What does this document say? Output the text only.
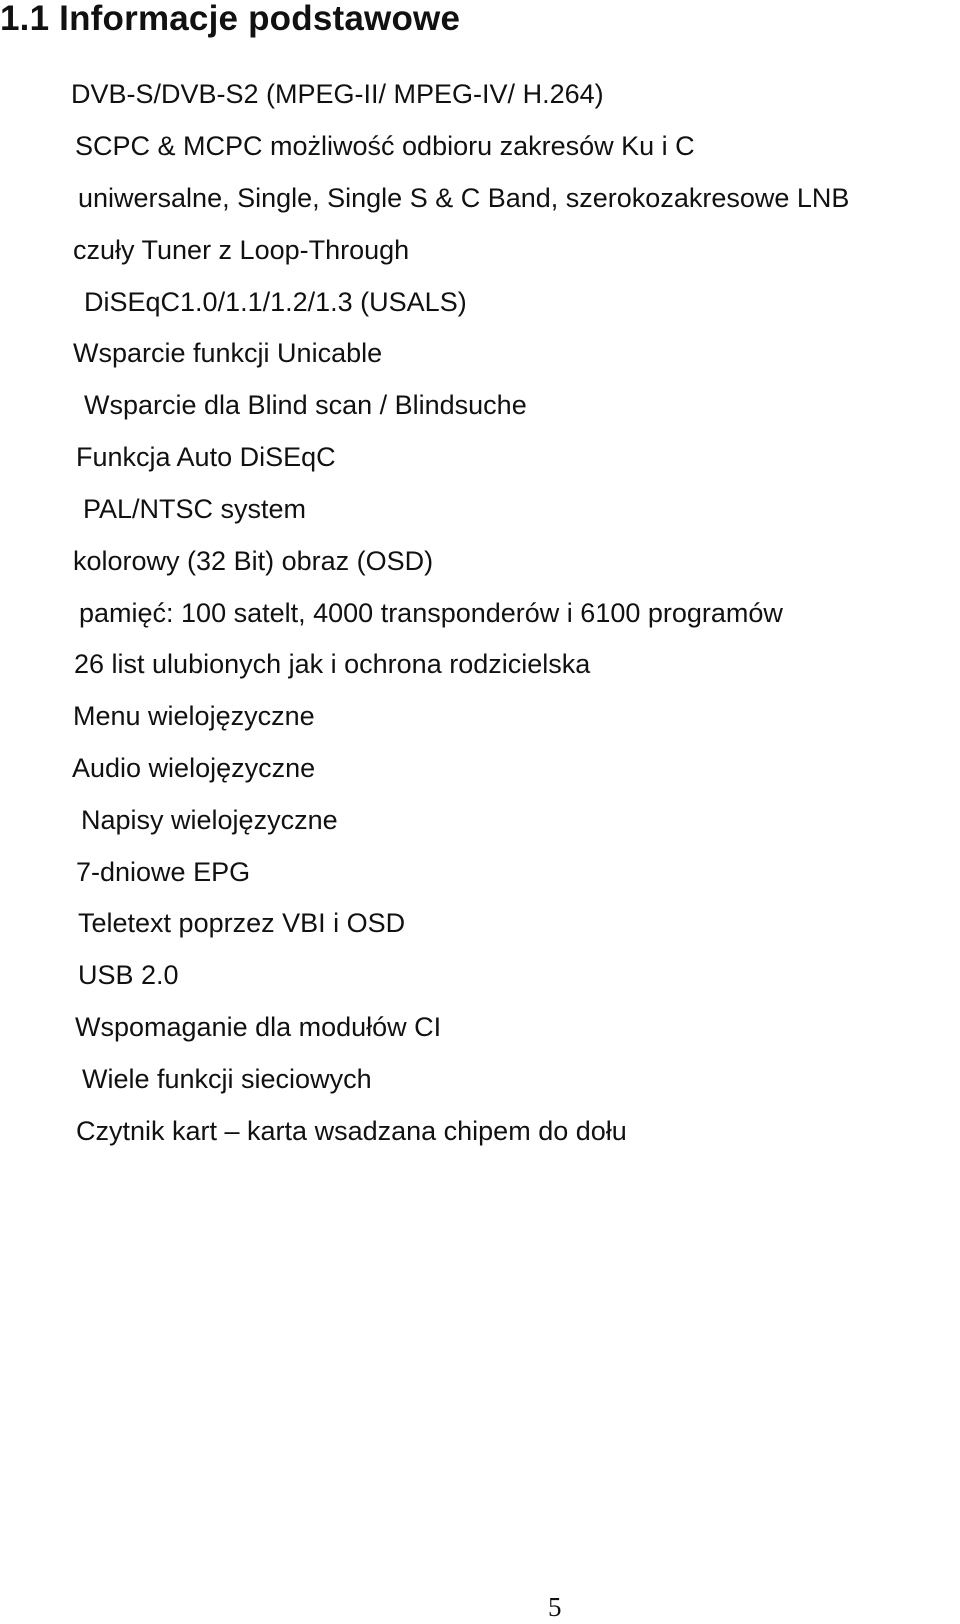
1.1 Informacje podstawowe
DVB-S/DVB-S2 (MPEG-II/ MPEG-IV/ H.264)
SCPC & MCPC możliwość odbioru zakresów Ku i C
uniwersalne, Single, Single S & C Band, szerokozakresowe LNB
czuły Tuner z Loop-Through
DiSEqC1.0/1.1/1.2/1.3 (USALS)
Wsparcie funkcji Unicable
Wsparcie dla Blind scan / Blindsuche
Funkcja Auto DiSEqC
PAL/NTSC system
kolorowy (32 Bit) obraz (OSD)
pamięć: 100 satelt, 4000 transponderów i 6100 programów
26 list ulubionych jak i ochrona rodzicielska
Menu wielojęzyczne
Audio wielojęzyczne
Napisy wielojęzyczne
7-dniowe EPG
Teletext poprzez VBI i OSD
USB 2.0
Wspomaganie dla modułów CI
Wiele funkcji sieciowych
Czytnik kart – karta wsadzana chipem do dołu
5
